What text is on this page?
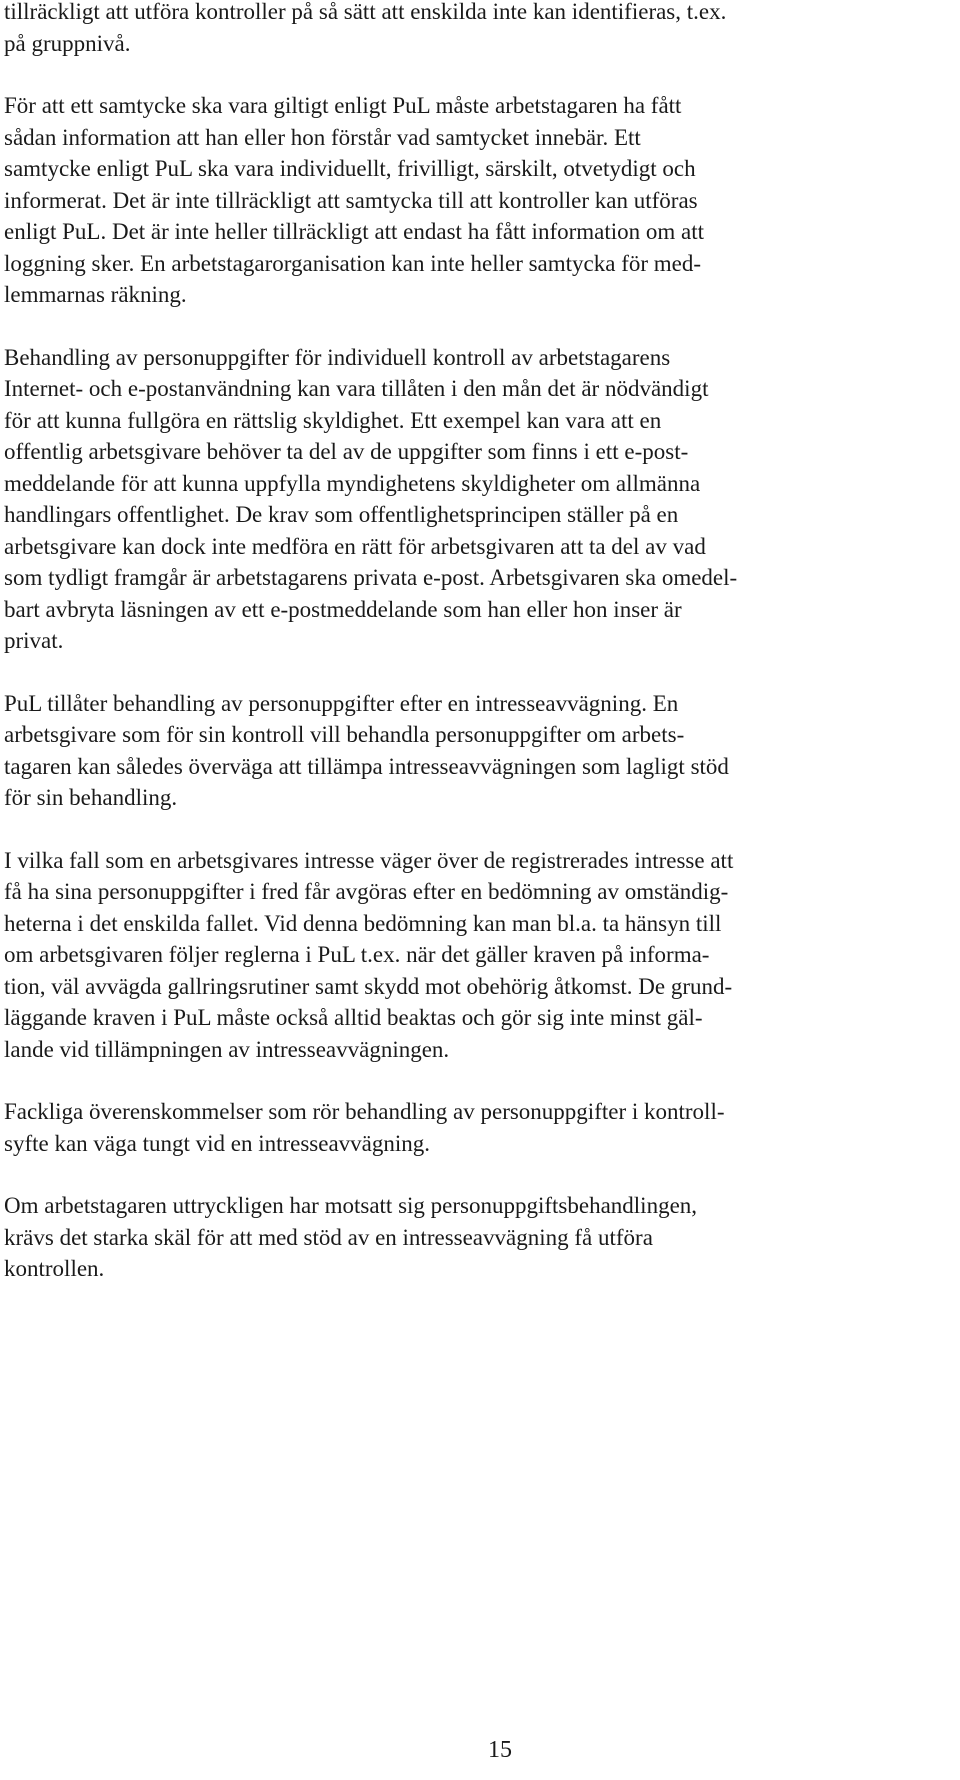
tillräckligt att utföra kontroller på så sätt att enskilda inte kan identifieras, t.ex.
på gruppnivå.

För att ett samtycke ska vara giltigt enligt PuL måste arbetstagaren ha fått
sådan information att han eller hon förstår vad samtycket innebär. Ett
samtycke enligt PuL ska vara individuellt, frivilligt, särskilt, otvetydigt och
informerat. Det är inte tillräckligt att samtycka till att kontroller kan utföras
enligt PuL. Det är inte heller tillräckligt att endast ha fått information om att
loggning sker. En arbetstagarorganisation kan inte heller samtycka för med-
lemmarnas räkning.

Behandling av personuppgifter för individuell kontroll av arbetstagarens
Internet- och e-postanvändning kan vara tillåten i den mån det är nödvändigt
för att kunna fullgöra en rättslig skyldighet. Ett exempel kan vara att en
offentlig arbetsgivare behöver ta del av de uppgifter som finns i ett e-post-
meddelande för att kunna uppfylla myndighetens skyldigheter om allmänna
handlingars offentlighet. De krav som offentlighetsprincipen ställer på en
arbetsgivare kan dock inte medföra en rätt för arbetsgivaren att ta del av vad
som tydligt framgår är arbetstagarens privata e-post. Arbetsgivaren ska omedel-
bart avbryta läsningen av ett e-postmeddelande som han eller hon inser är
privat.

PuL tillåter behandling av personuppgifter efter en intresseavvägning. En
arbetsgivare som för sin kontroll vill behandla personuppgifter om arbets-
tagaren kan således överväga att tillämpa intresseavvägningen som lagligt stöd
för sin behandling.

I vilka fall som en arbetsgivares intresse väger över de registrerades intresse att
få ha sina personuppgifter i fred får avgöras efter en bedömning av omständig-
heterna i det enskilda fallet. Vid denna bedömning kan man bl.a. ta hänsyn till
om arbetsgivaren följer reglerna i PuL t.ex. när det gäller kraven på informa-
tion, väl avvägda gallringsrutiner samt skydd mot obehörig åtkomst. De grund-
läggande kraven i PuL måste också alltid beaktas och gör sig inte minst gäl-
lande vid tillämpningen av intresseavvägningen.

Fackliga överenskommelser som rör behandling av personuppgifter i kontroll-
syfte kan väga tungt vid en intresseavvägning.

Om arbetstagaren uttryckligen har motsatt sig personuppgiftsbehandlingen,
krävs det starka skäl för att med stöd av en intresseavvägning få utföra
kontrollen.

15
